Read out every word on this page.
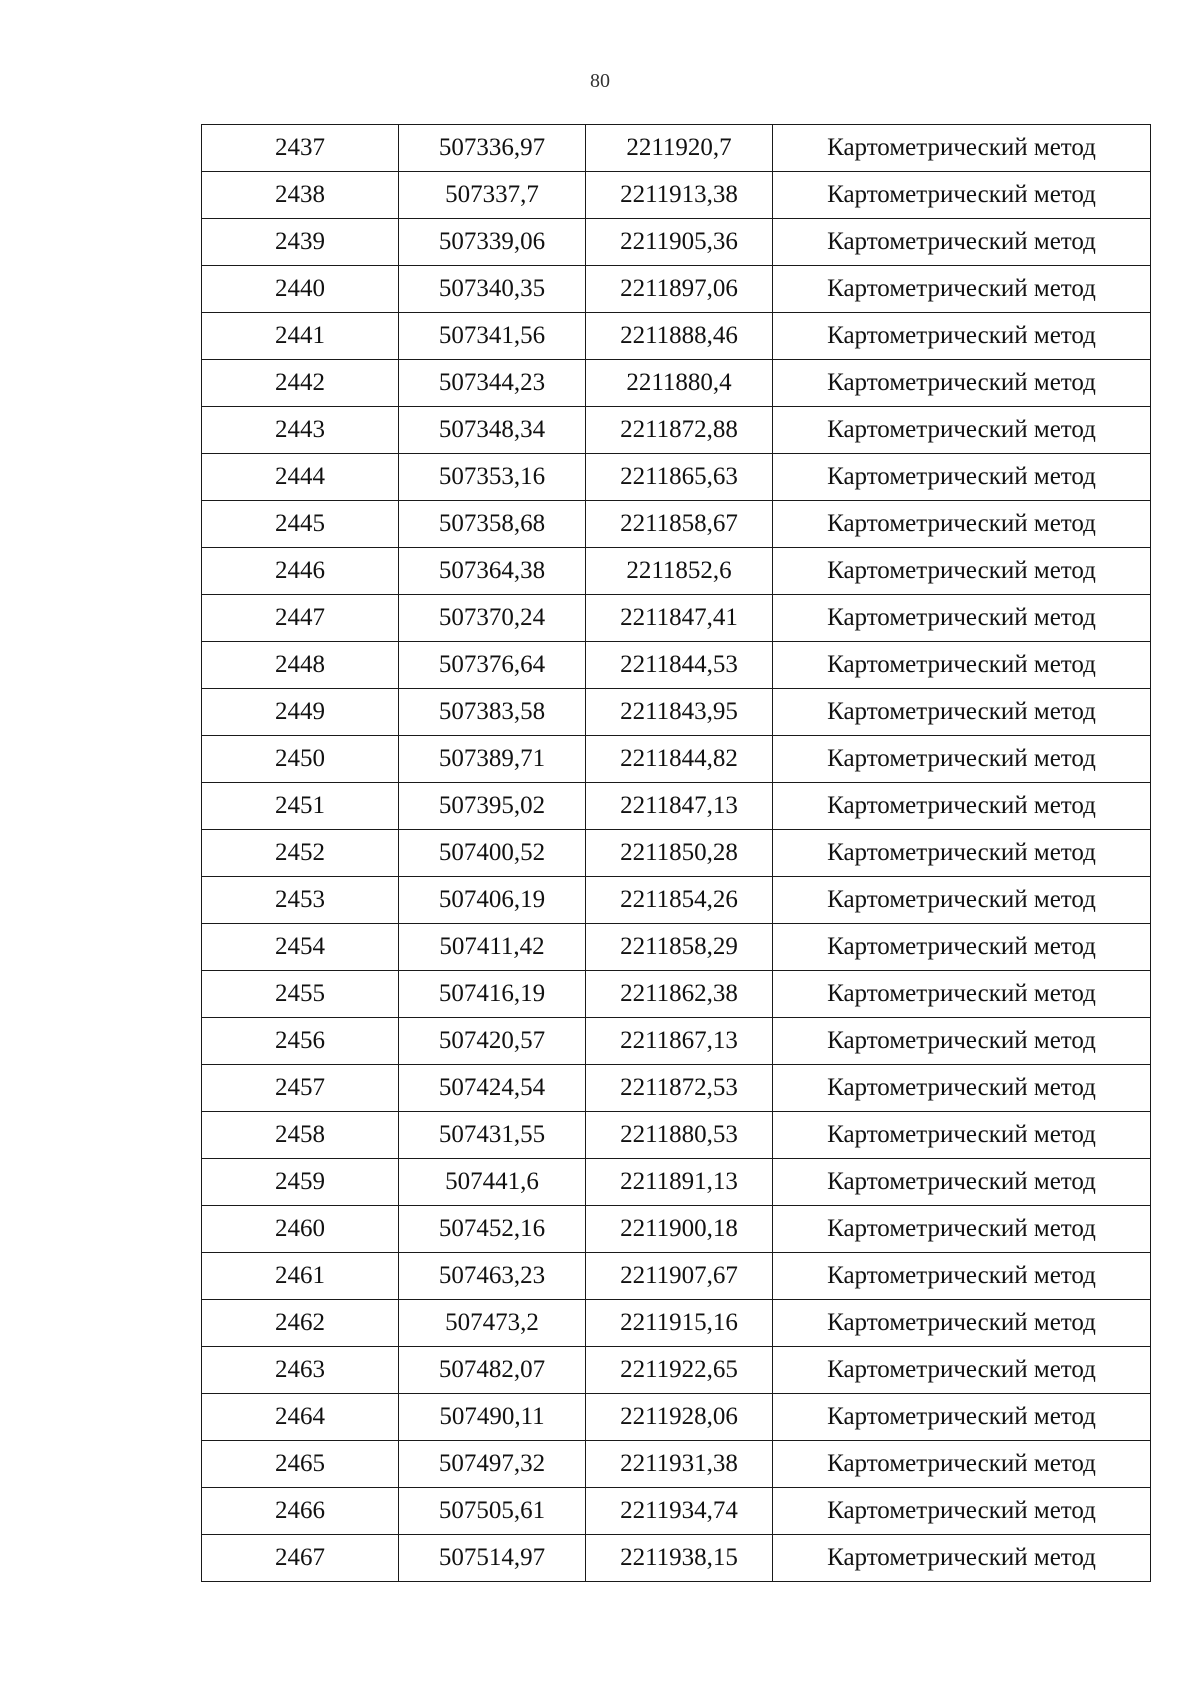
80
2437	507336,97	2211920,7	Картометрический метод
2438	507337,7	2211913,38	Картометрический метод
2439	507339,06	2211905,36	Картометрический метод
2440	507340,35	2211897,06	Картометрический метод
2441	507341,56	2211888,46	Картометрический метод
2442	507344,23	2211880,4	Картометрический метод
2443	507348,34	2211872,88	Картометрический метод
2444	507353,16	2211865,63	Картометрический метод
2445	507358,68	2211858,67	Картометрический метод
2446	507364,38	2211852,6	Картометрический метод
2447	507370,24	2211847,41	Картометрический метод
2448	507376,64	2211844,53	Картометрический метод
2449	507383,58	2211843,95	Картометрический метод
2450	507389,71	2211844,82	Картометрический метод
2451	507395,02	2211847,13	Картометрический метод
2452	507400,52	2211850,28	Картометрический метод
2453	507406,19	2211854,26	Картометрический метод
2454	507411,42	2211858,29	Картометрический метод
2455	507416,19	2211862,38	Картометрический метод
2456	507420,57	2211867,13	Картометрический метод
2457	507424,54	2211872,53	Картометрический метод
2458	507431,55	2211880,53	Картометрический метод
2459	507441,6	2211891,13	Картометрический метод
2460	507452,16	2211900,18	Картометрический метод
2461	507463,23	2211907,67	Картометрический метод
2462	507473,2	2211915,16	Картометрический метод
2463	507482,07	2211922,65	Картометрический метод
2464	507490,11	2211928,06	Картометрический метод
2465	507497,32	2211931,38	Картометрический метод
2466	507505,61	2211934,74	Картометрический метод
2467	507514,97	2211938,15	Картометрический метод
